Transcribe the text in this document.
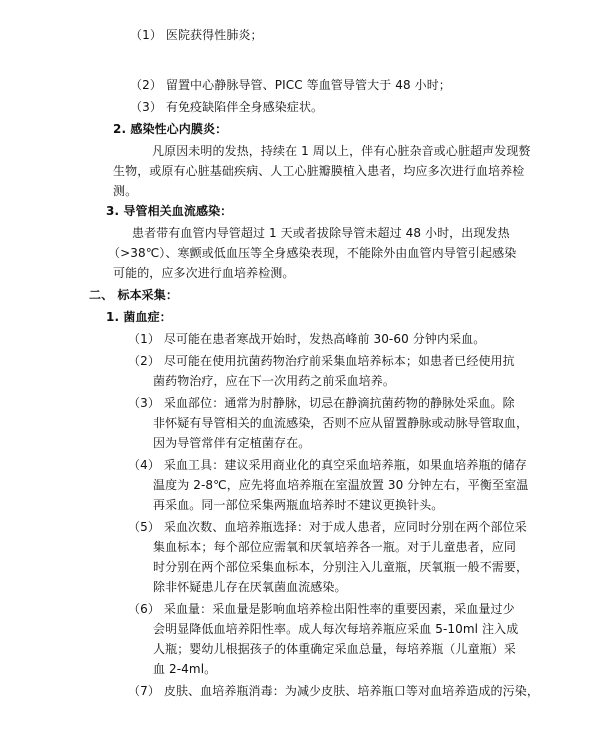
（1） 医院获得性肺炎；
（2） 留置中心静脉导管、PICC 等血管导管大于 48 小时；
（3） 有免疫缺陷伴全身感染症状。
2. 感染性心内膜炎：
凡原因未明的发热，持续在 1 周以上，伴有心脏杂音或心脏超声发现赘
生物，或原有心脏基础疾病、人工心脏瓣膜植入患者，均应多次进行血培养检
测。
3. 导管相关血流感染：
患者带有血管内导管超过 1 天或者拔除导管未超过 48 小时，出现发热
（>38℃）、寒颤或低血压等全身感染表现，不能除外由血管内导管引起感染
可能的，应多次进行血培养检测。
二、 标本采集：
1. 菌血症：
（1） 尽可能在患者寒战开始时，发热高峰前 30-60 分钟内采血。
（2） 尽可能在使用抗菌药物治疗前采集血培养标本；如患者已经使用抗
菌药物治疗，应在下一次用药之前采血培养。
（3） 采血部位：通常为肘静脉，切忌在静滴抗菌药物的静脉处采血。除
非怀疑有导管相关的血流感染，否则不应从留置静脉或动脉导管取血，
因为导管常伴有定植菌存在。
（4） 采血工具：建议采用商业化的真空采血培养瓶，如果血培养瓶的储存
温度为 2-8℃，应先将血培养瓶在室温放置 30 分钟左右，平衡至室温
再采血。同一部位采集两瓶血培养时不建议更换针头。
（5） 采血次数、血培养瓶选择：对于成人患者，应同时分别在两个部位采
集血标本；每个部位应需氧和厌氧培养各一瓶。对于儿童患者，应同
时分别在两个部位采集血标本，分别注入儿童瓶，厌氧瓶一般不需要，
除非怀疑患儿存在厌氧菌血流感染。
（6） 采血量：采血量是影响血培养检出阳性率的重要因素，采血量过少
会明显降低血培养阳性率。成人每次每培养瓶应采血 5-10ml 注入成
人瓶；婴幼儿根据孩子的体重确定采血总量，每培养瓶（儿童瓶）采
血 2-4ml。
（7） 皮肤、血培养瓶消毒：为减少皮肤、培养瓶口等对血培养造成的污染，
